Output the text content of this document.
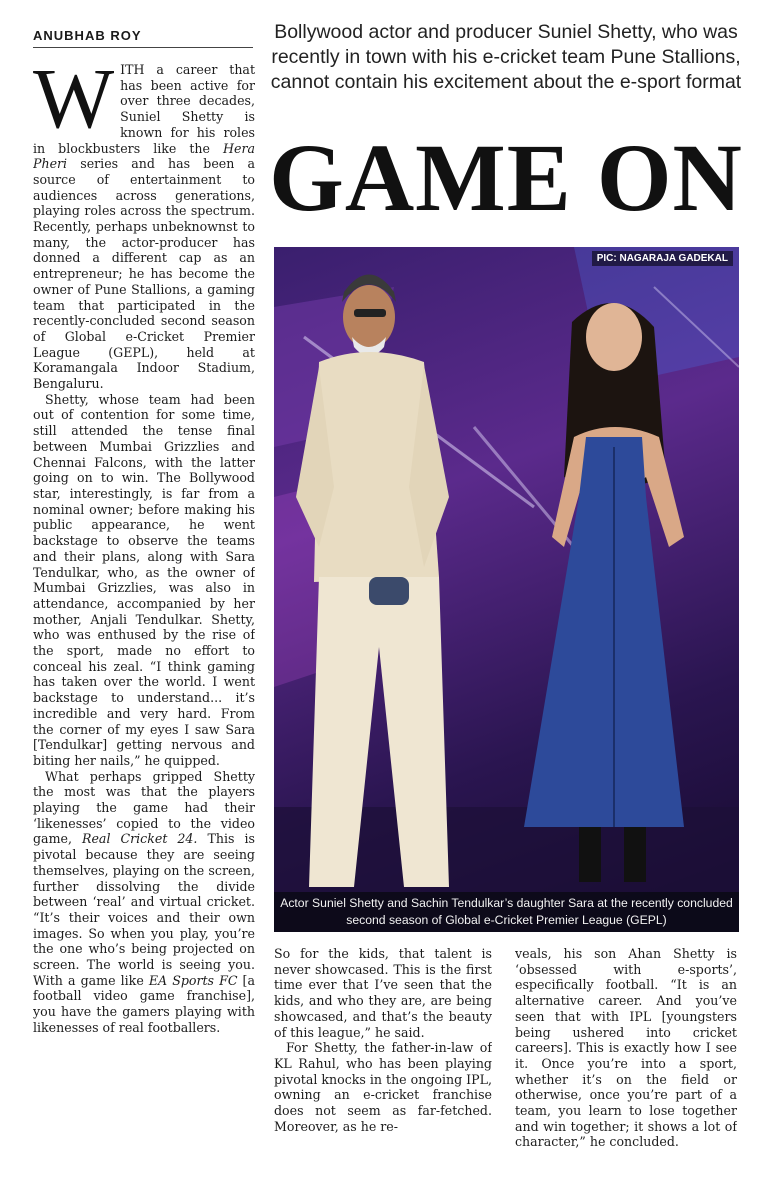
ANUBHAB ROY	Bollywood actor and producer Suniel Shetty, who was recently in town with his e-cricket team Pune Stallions, cannot contain his excitement about the e-sport format
GAME ON

WITH a career that has been active for over three decades, Suniel Shetty is known for his roles in blockbusters like the Hera Pheri series and has been a source of entertainment to audiences across generations, playing roles across the spectrum. Recently, perhaps unbeknownst to many, the actor-producer has donned a different cap as an entrepreneur; he has become the owner of Pune Stallions, a gaming team that participated in the recently-concluded second season of Global e-Cricket Premier League (GEPL), held at Koramangala Indoor Stadium, Bengaluru.

Shetty, whose team had been out of contention for some time, still attended the tense final between Mumbai Grizzlies and Chennai Falcons, with the latter going on to win. The Bollywood star, interestingly, is far from a nominal owner; before making his public appearance, he went backstage to observe the teams and their plans, along with Sara Tendulkar, who, as the owner of Mumbai Grizzlies, was also in attendance, accompanied by her mother, Anjali Tendulkar. Shetty, who was enthused by the rise of the sport, made no effort to conceal his zeal. “I think gaming has taken over the world. I went backstage to understand... it’s incredible and very hard. From the corner of my eyes I saw Sara [Tendulkar] getting nervous and biting her nails,” he quipped.

What perhaps gripped Shetty the most was that the players playing the game had their ‘likenesses’ copied to the video game, Real Cricket 24. This is pivotal because they are seeing themselves, playing on the screen, further dissolving the divide between ‘real’ and virtual cricket. “It’s their voices and their own images. So when you play, you’re the one who’s being projected on screen. The world is seeing you. With a game like EA Sports FC [a football video game franchise], you have the gamers playing with likenesses of real footballers.

PIC: NAGARAJA GADEKAL
Actor Suniel Shetty and Sachin Tendulkar’s daughter Sara at the recently concluded second season of Global e-Cricket Premier League (GEPL)

So for the kids, that talent is never showcased. This is the first time ever that I’ve seen that the kids, and who they are, are being showcased, and that’s the beauty of this league,” he said.

For Shetty, the father-in-law of KL Rahul, who has been playing pivotal knocks in the ongoing IPL, owning an e-cricket franchise does not seem as far-fetched. Moreover, as he re-

veals, his son Ahan Shetty is ‘obsessed with e-sports’, especifically football. “It is an alternative career. And you’ve seen that with IPL [youngsters being ushered into cricket careers]. This is exactly how I see it. Once you’re into a sport, whether it’s on the field or otherwise, once you’re part of a team, you learn to lose together and win together; it shows a lot of character,” he concluded.
